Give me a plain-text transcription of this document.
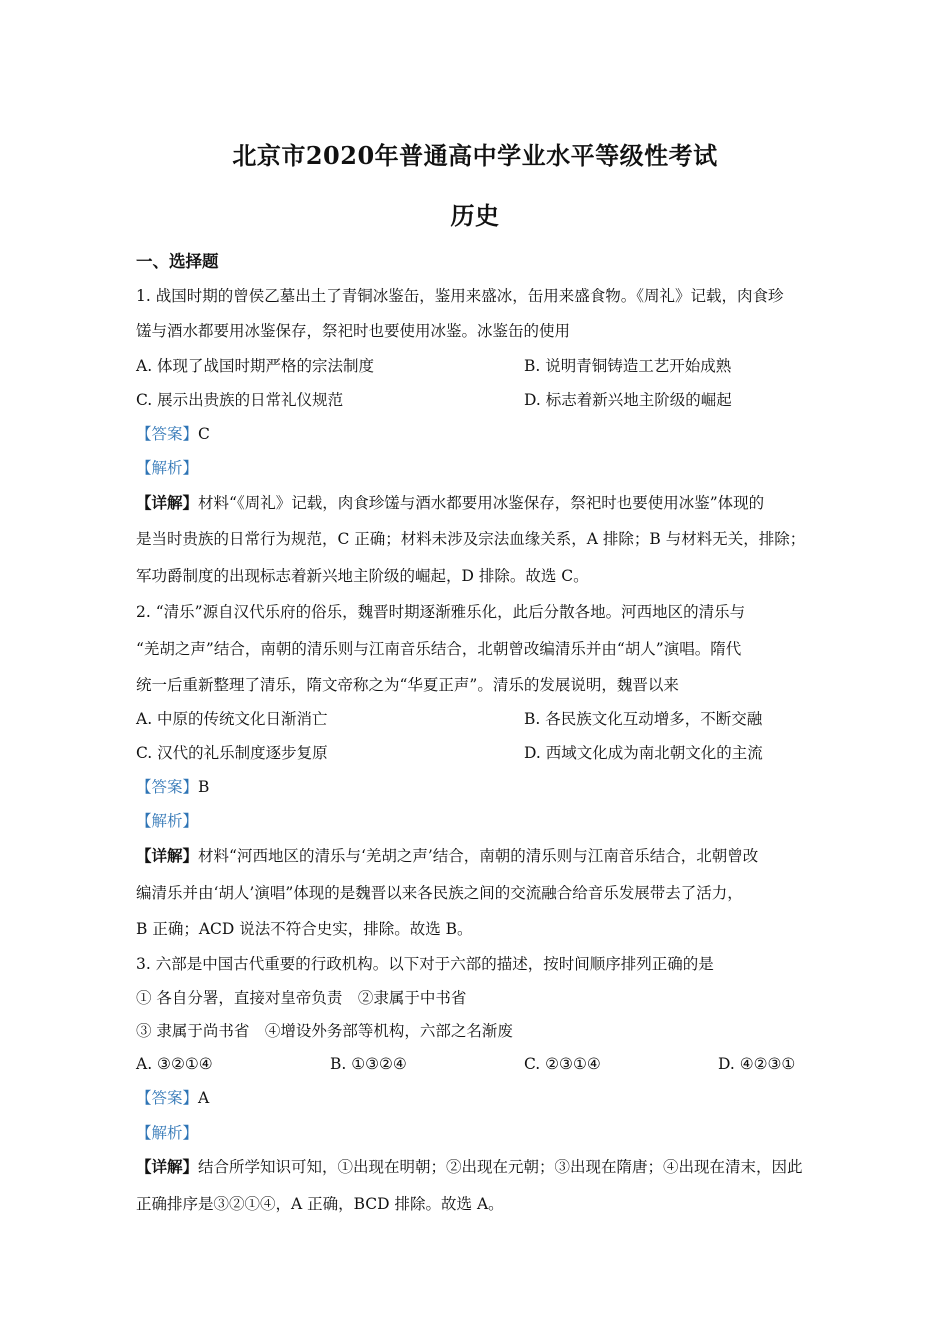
北京市2020年普通高中学业水平等级性考试
历史
一、选择题
1. 战国时期的曾侯乙墓出土了青铜冰鉴缶，鉴用来盛冰，缶用来盛食物。《周礼》记载，肉食珍
馐与酒水都要用冰鉴保存，祭祀时也要使用冰鉴。冰鉴缶的使用
A. 体现了战国时期严格的宗法制度	B. 说明青铜铸造工艺开始成熟
C. 展示出贵族的日常礼仪规范	D. 标志着新兴地主阶级的崛起
【答案】C
【解析】
【详解】材料“《周礼》记载，肉食珍馐与酒水都要用冰鉴保存，祭祀时也要使用冰鉴”体现的
是当时贵族的日常行为规范，C 正确；材料未涉及宗法血缘关系，A 排除；B 与材料无关，排除；
军功爵制度的出现标志着新兴地主阶级的崛起，D 排除。故选 C。
2. “清乐”源自汉代乐府的俗乐，魏晋时期逐渐雅乐化，此后分散各地。河西地区的清乐与
“羌胡之声”结合，南朝的清乐则与江南音乐结合，北朝曾改编清乐并由“胡人”演唱。隋代
统一后重新整理了清乐，隋文帝称之为“华夏正声”。清乐的发展说明，魏晋以来
A. 中原的传统文化日渐消亡	B. 各民族文化互动增多，不断交融
C. 汉代的礼乐制度逐步复原	D. 西域文化成为南北朝文化的主流
【答案】B
【解析】
【详解】材料“河西地区的清乐与‘羌胡之声’结合，南朝的清乐则与江南音乐结合，北朝曾改
编清乐并由‘胡人’演唱”体现的是魏晋以来各民族之间的交流融合给音乐发展带去了活力，
B 正确；ACD 说法不符合史实，排除。故选 B。
3. 六部是中国古代重要的行政机构。以下对于六部的描述，按时间顺序排列正确的是
① 各自分署，直接对皇帝负责　②隶属于中书省
③ 隶属于尚书省　④增设外务部等机构，六部之名渐废
A. ③②①④	B. ①③②④	C. ②③①④	D. ④②③①
【答案】A
【解析】
【详解】结合所学知识可知，①出现在明朝；②出现在元朝；③出现在隋唐；④出现在清末，因此
正确排序是③②①④，A 正确，BCD 排除。故选 A。
